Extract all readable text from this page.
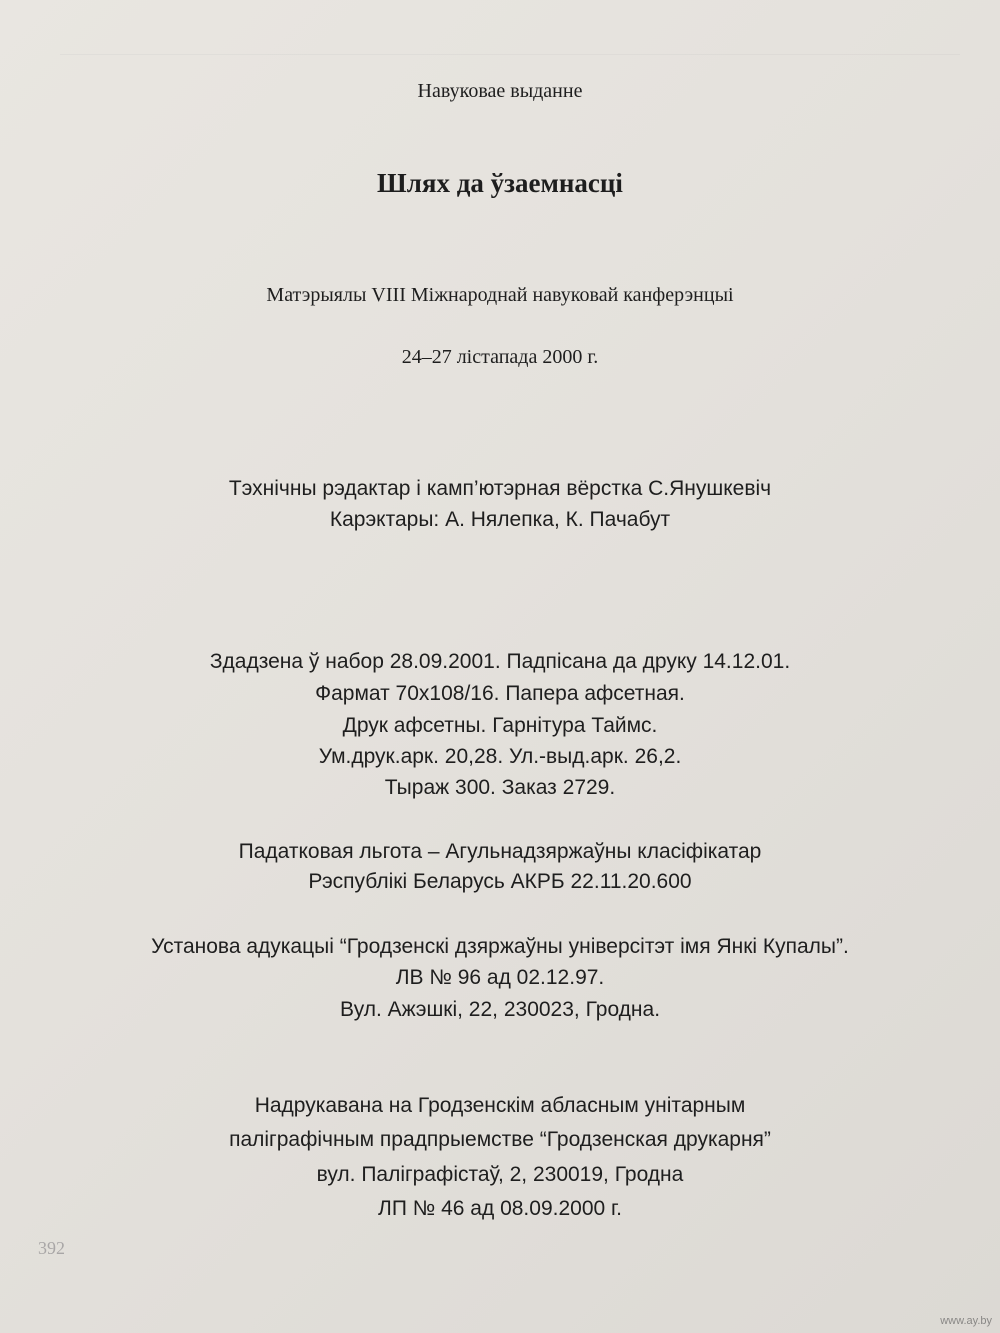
Навуковае выданне
Шлях да ўзаемнасці
Матэрыялы VIII Міжнароднай навуковай канферэнцыі
24–27 лістапада 2000 г.
Тэхнічны рэдактар і камп’ютэрная вёрстка С.Янушкевіч
Карэктары: А. Нялепка, К. Пачабут
Здадзена ў набор 28.09.2001. Падпісана да друку 14.12.01.
Фармат 70х108/16. Папера афсетная.
Друк афсетны. Гарнітура Таймс.
Ум.друк.арк. 20,28. Ул.-выд.арк. 26,2.
Тыраж 300. Заказ 2729.
Падатковая льгота – Агульнадзяржаўны класіфікатар
Рэспублікі Беларусь АКРБ 22.11.20.600
Установа адукацыі “Гродзенскі дзяржаўны універсітэт імя Янкі Купалы”.
ЛВ № 96 ад 02.12.97.
Вул. Ажэшкі, 22, 230023, Гродна.
Надрукавана на Гродзенскім абласным унітарным
паліграфічным прадпрыемстве “Гродзенская друкарня”
вул. Паліграфістаў, 2, 230019, Гродна
ЛП № 46 ад 08.09.2000 г.
392
www.ay.by
